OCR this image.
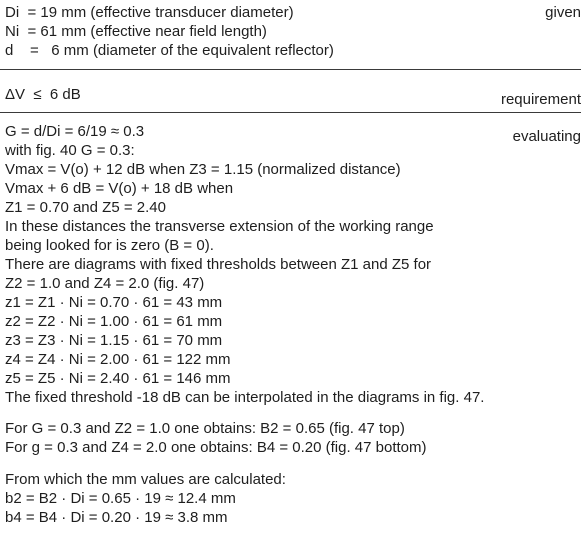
Di  = 19 mm (effective transducer diameter)	given
Ni  = 61 mm (effective near field length)
d    =   6 mm (diameter of the equivalent reflector)
ΔV  ≤  6 dB	requirement
G = d/Di = 6/19 ≈ 0.3	evaluating
with fig. 40 G = 0.3:
Vmax = V(o) + 12 dB when Z3 = 1.15 (normalized distance)
Vmax + 6 dB = V(o) + 18 dB when
Z1 = 0.70 and Z5 = 2.40
In these distances the transverse extension of the working range
being looked for is zero (B = 0).
There are diagrams with fixed thresholds between Z1 and Z5 for
Z2 = 1.0 and Z4 = 2.0 (fig. 47)
z1 = Z1 · Ni = 0.70 · 61 = 43 mm
z2 = Z2 · Ni = 1.00 · 61 = 61 mm
z3 = Z3 · Ni = 1.15 · 61 = 70 mm
z4 = Z4 · Ni = 2.00 · 61 = 122 mm
z5 = Z5 · Ni = 2.40 · 61 = 146 mm
The fixed threshold -18 dB can be interpolated in the diagrams in fig. 47.
For G = 0.3 and Z2 = 1.0 one obtains: B2 = 0.65 (fig. 47 top)
For g = 0.3 and Z4 = 2.0 one obtains: B4 = 0.20 (fig. 47 bottom)
From which the mm values are calculated:
b2 = B2 · Di = 0.65 · 19 ≈ 12.4 mm
b4 = B4 · Di = 0.20 · 19 ≈ 3.8 mm
